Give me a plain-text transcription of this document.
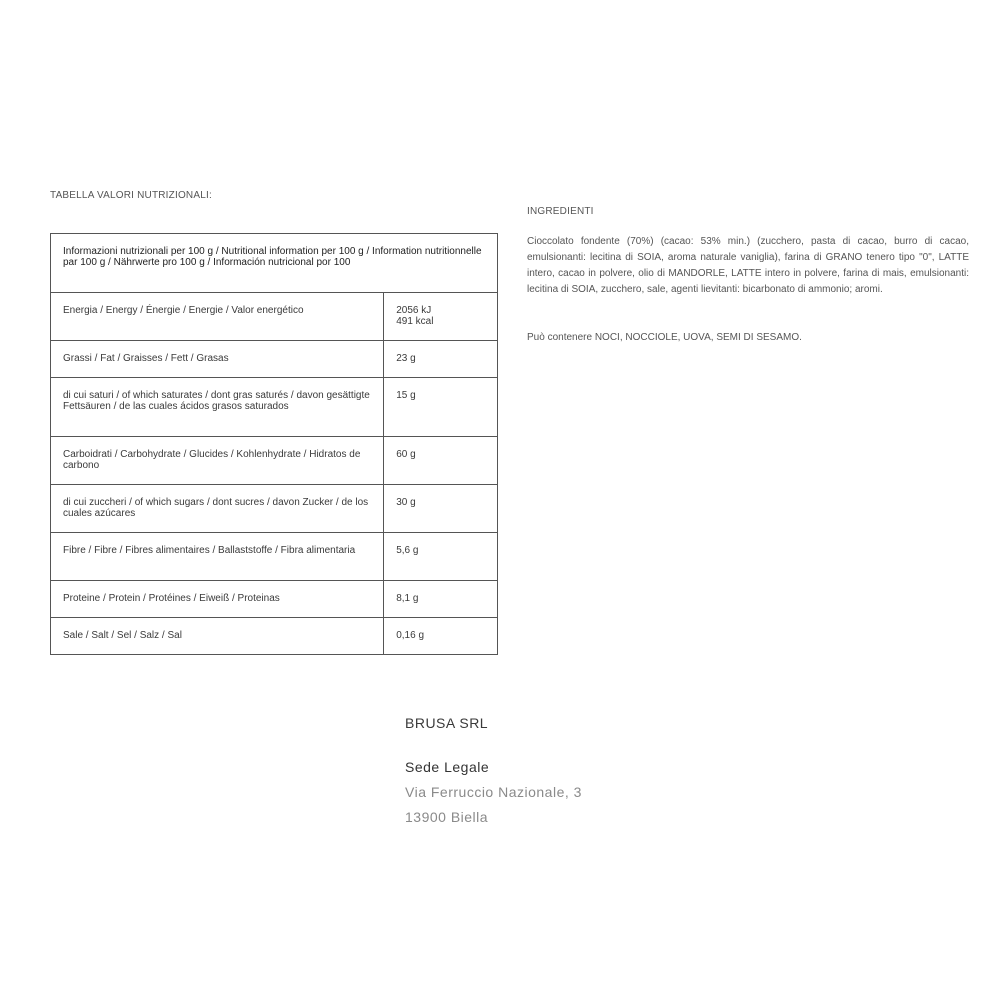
TABELLA VALORI NUTRIZIONALI:
Informazioni nutrizionali per 100 g / Nutritional information per 100 g / Information nutritionnelle par 100 g / Nährwerte pro 100 g / Información nutricional por 100	
Energia / Energy / Énergie / Energie / Valor energético	2056 kJ
491 kcal

Grassi / Fat / Graisses / Fett / Grasas	23 g
di cui saturi / of which saturates / dont gras saturés / davon gesättigte Fettsäuren / de las cuales ácidos grasos saturados	15 g
Carboidrati / Carbohydrate / Glucides / Kohlenhydrate / Hidratos de carbono	60 g
di cui zuccheri / of which sugars / dont sucres / davon Zucker / de los cuales azúcares	30 g
Fibre / Fibre / Fibres alimentaires / Ballaststoffe / Fibra alimentaria	5,6 g
Proteine / Protein / Protéines / Eiweiß / Proteinas	8,1 g
Sale / Salt / Sel / Salz / Sal	0,16 g
INGREDIENTI

Cioccolato fondente (70%) (cacao: 53% min.) (zucchero, pasta di cacao, burro di cacao, emulsionanti: lecitina di SOIA, aroma naturale vaniglia), farina di GRANO tenero tipo "0", LATTE intero, cacao in polvere, olio di MANDORLE, LATTE intero in polvere, farina di mais, emulsionanti: lecitina di SOIA, zucchero, sale, agenti lievitanti: bicarbonato di ammonio; aromi.

Può contenere NOCI, NOCCIOLE, UOVA, SEMI DI SESAMO.

BRUSA SRL
Sede Legale
Via Ferruccio Nazionale, 3
13900 Biella
